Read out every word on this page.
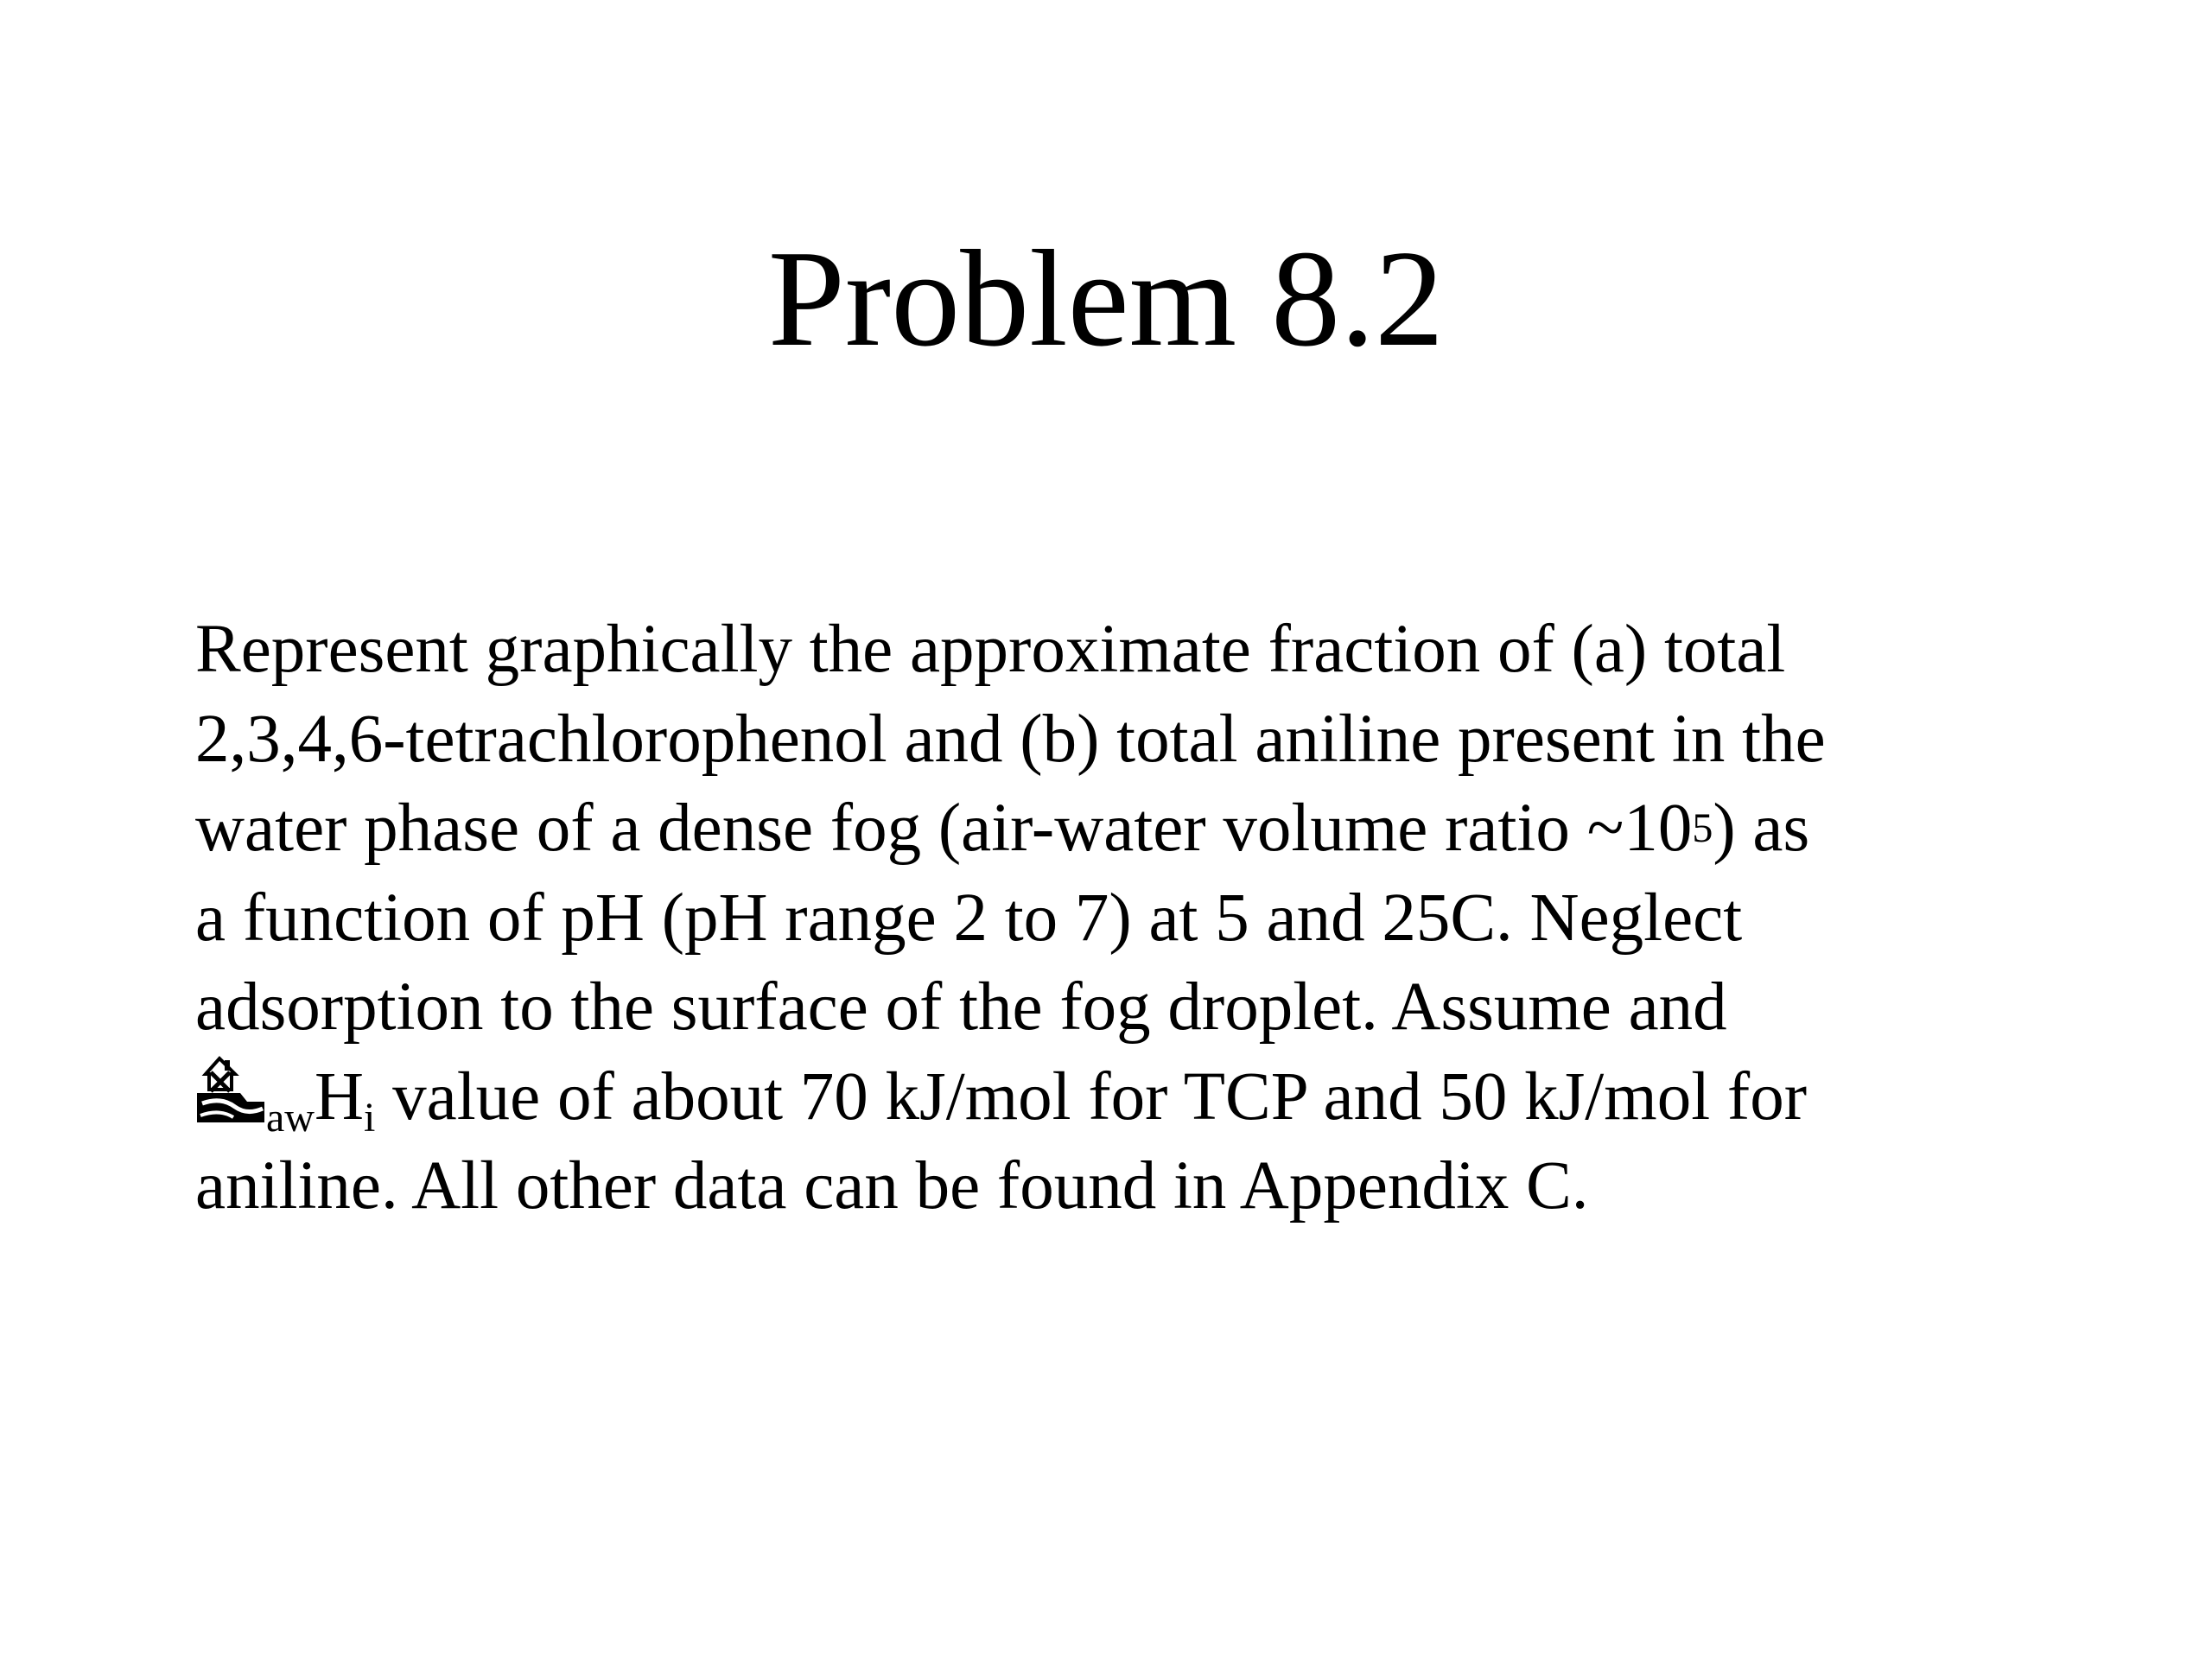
Problem 8.2
Represent graphically the approximate fraction of (a) total
2,3,4,6-tetrachlorophenol and (b) total aniline present in the
water phase of a dense fog (air-water volume ratio $\sim 10^5$) as
a function of pH (pH range 2 to 7) at 5 and 25C. Neglect
adsorption to the surface of the fog droplet. Assume and
$_{aw}H_i$ value of about 70 kJ/mol for TCP and 50 kJ/mol for
aniline. All other data can be found in Appendix C.
